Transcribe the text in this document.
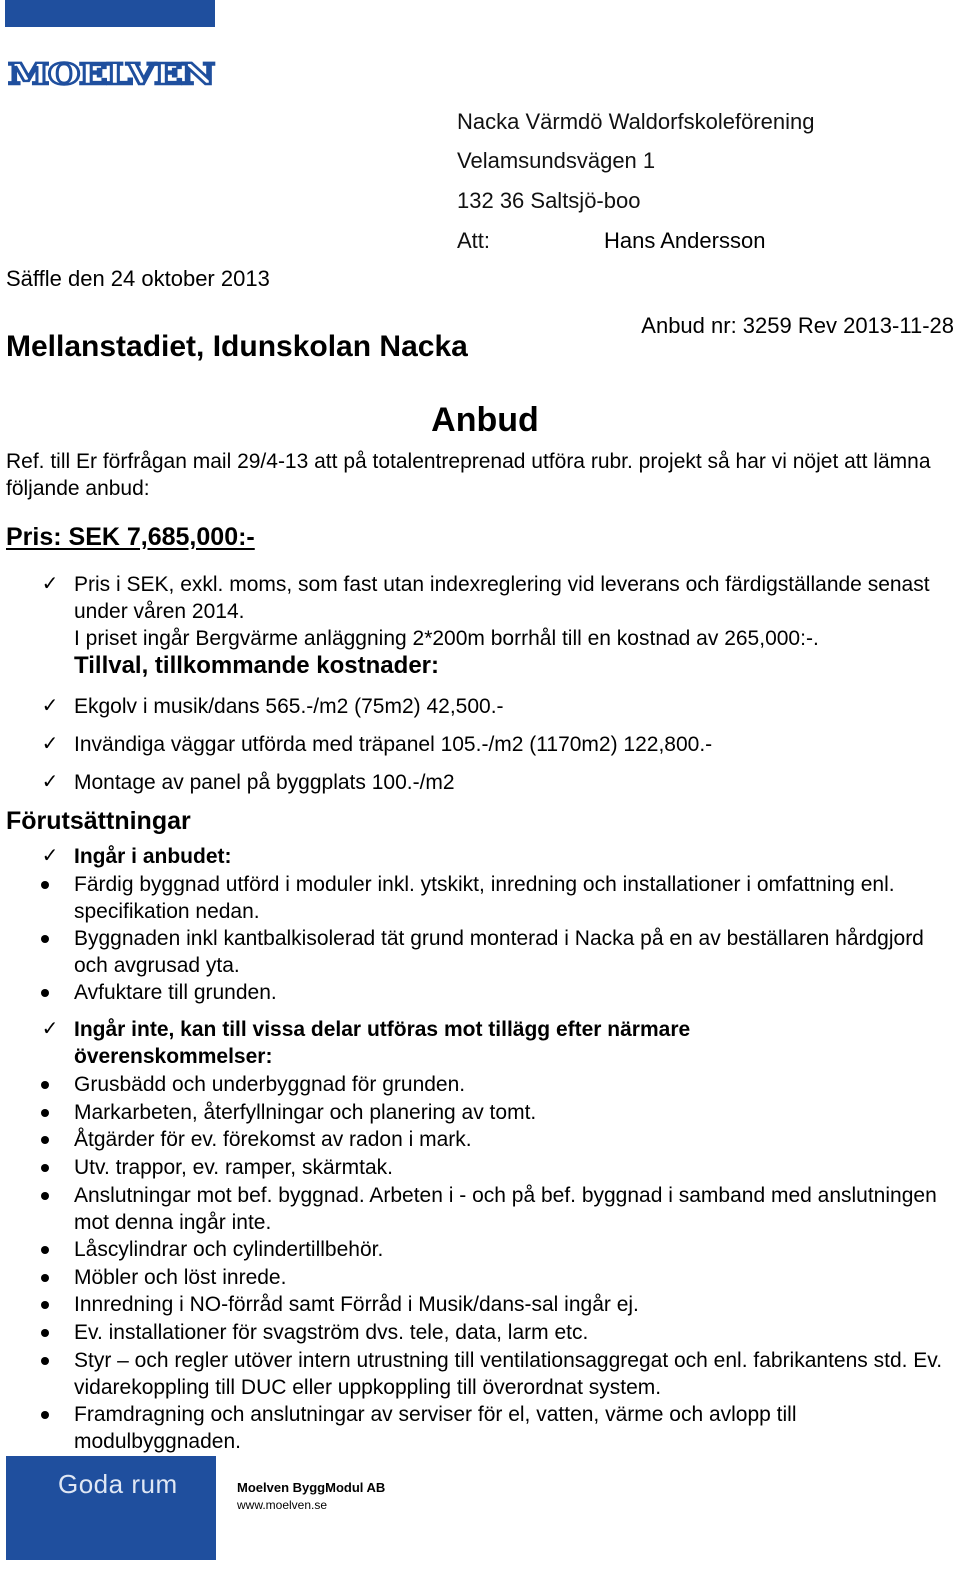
MOELVEN
Nacka Värmdö Waldorfskoleförening
Velamsundsvägen 1
132 36 Saltsjö-boo
Att:	Hans Andersson
Säffle den 24 oktober 2013
Mellanstadiet, Idunskolan Nacka
Anbud nr: 3259 Rev 2013-11-28
Anbud
Ref. till Er förfrågan mail 29/4-13 att på totalentreprenad utföra rubr. projekt så har vi nöjet att lämna följande anbud:
Pris: SEK 7,685,000:-
✓ Pris i SEK, exkl. moms, som fast utan indexreglering vid leverans och färdigställande senast under våren 2014.
I priset ingår Bergvärme anläggning 2*200m borrhål till en kostnad av 265,000:-.
Tillval, tillkommande kostnader:
✓ Ekgolv i musik/dans 565.-/m2 (75m2) 42,500.-
✓ Invändiga väggar utförda med träpanel 105.-/m2 (1170m2) 122,800.-
✓ Montage av panel på byggplats 100.-/m2
Förutsättningar
✓ Ingår i anbudet:
Färdig byggnad utförd i moduler inkl. ytskikt, inredning och installationer i omfattning enl. specifikation nedan.
Byggnaden inkl kantbalkisolerad tät grund monterad i Nacka på en av beställaren hårdgjord och avgrusad yta.
Avfuktare till grunden.
✓ Ingår inte, kan till vissa delar utföras mot tillägg efter närmare överenskommelser:
Grusbädd och underbyggnad för grunden.
Markarbeten, återfyllningar och planering av tomt.
Åtgärder för ev. förekomst av radon i mark.
Utv. trappor, ev. ramper, skärmtak.
Anslutningar mot bef. byggnad. Arbeten i - och på bef. byggnad i samband med anslutningen mot denna ingår inte.
Låscylindrar och cylindertillbehör.
Möbler och löst inrede.
Innredning i NO-förråd samt Förråd i Musik/dans-sal ingår ej.
Ev. installationer för svagström dvs. tele, data, larm etc.
Styr – och regler utöver intern utrustning till ventilationsaggregat och enl. fabrikantens std. Ev. vidarekoppling till DUC eller uppkoppling till överordnat system.
Framdragning och anslutningar av serviser för el, vatten, värme och avlopp till modulbyggnaden.
Goda rum	Moelven ByggModul AB
www.moelven.se
